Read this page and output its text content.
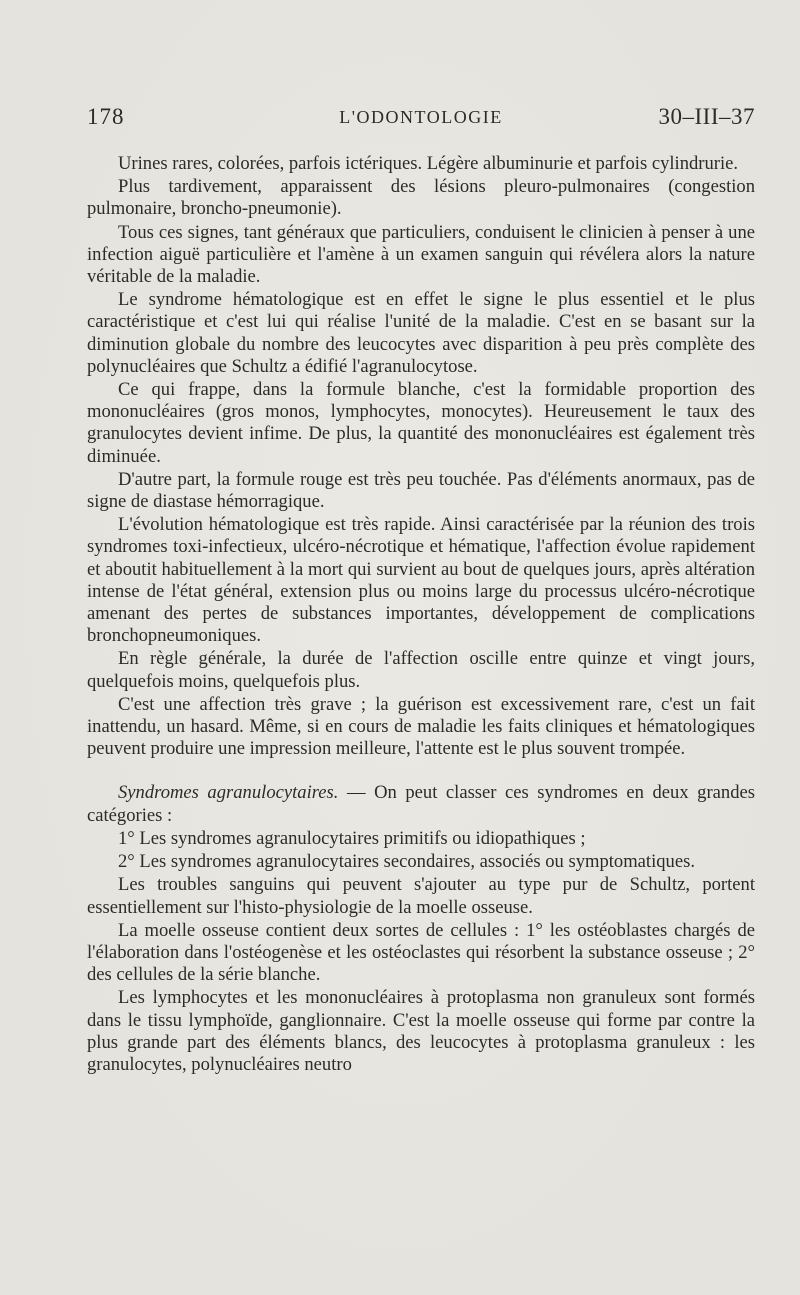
178	L'ODONTOLOGIE	30–III–37

Urines rares, colorées, parfois ictériques. Légère albuminurie et parfois cylindrurie.

Plus tardivement, apparaissent des lésions pleuro-pulmonaires (congestion pulmonaire, broncho-pneumonie).

Tous ces signes, tant généraux que particuliers, conduisent le clinicien à penser à une infection aiguë particulière et l'amène à un examen sanguin qui révélera alors la nature véritable de la maladie.

Le syndrome hématologique est en effet le signe le plus essentiel et le plus caractéristique et c'est lui qui réalise l'unité de la maladie. C'est en se basant sur la diminution globale du nombre des leucocytes avec disparition à peu près complète des polynucléaires que Schultz a édifié l'agranulocytose.

Ce qui frappe, dans la formule blanche, c'est la formidable proportion des mononucléaires (gros monos, lymphocytes, monocytes). Heureusement le taux des granulocytes devient infime. De plus, la quantité des mononucléaires est également très diminuée.

D'autre part, la formule rouge est très peu touchée. Pas d'éléments anormaux, pas de signe de diastase hémorragique.

L'évolution hématologique est très rapide. Ainsi caractérisée par la réunion des trois syndromes toxi-infectieux, ulcéro-nécrotique et hématique, l'affection évolue rapidement et aboutit habituellement à la mort qui survient au bout de quelques jours, après altération intense de l'état général, extension plus ou moins large du processus ulcéro-nécrotique amenant des pertes de substances importantes, développement de complications bronchopneumoniques.

En règle générale, la durée de l'affection oscille entre quinze et vingt jours, quelquefois moins, quelquefois plus.

C'est une affection très grave ; la guérison est excessivement rare, c'est un fait inattendu, un hasard. Même, si en cours de maladie les faits cliniques et hématologiques peuvent produire une impression meilleure, l'attente est le plus souvent trompée.

Syndromes agranulocytaires. — On peut classer ces syndromes en deux grandes catégories :

1° Les syndromes agranulocytaires primitifs ou idiopathiques ;

2° Les syndromes agranulocytaires secondaires, associés ou symptomatiques.

Les troubles sanguins qui peuvent s'ajouter au type pur de Schultz, portent essentiellement sur l'histo-physiologie de la moelle osseuse.

La moelle osseuse contient deux sortes de cellules : 1° les ostéoblastes chargés de l'élaboration dans l'ostéogenèse et les ostéoclastes qui résorbent la substance osseuse ; 2° des cellules de la série blanche.

Les lymphocytes et les mononucléaires à protoplasma non granuleux sont formés dans le tissu lymphoïde, ganglionnaire. C'est la moelle osseuse qui forme par contre la plus grande part des éléments blancs, des leucocytes à protoplasma granuleux : les granulocytes, polynucléaires neutro
